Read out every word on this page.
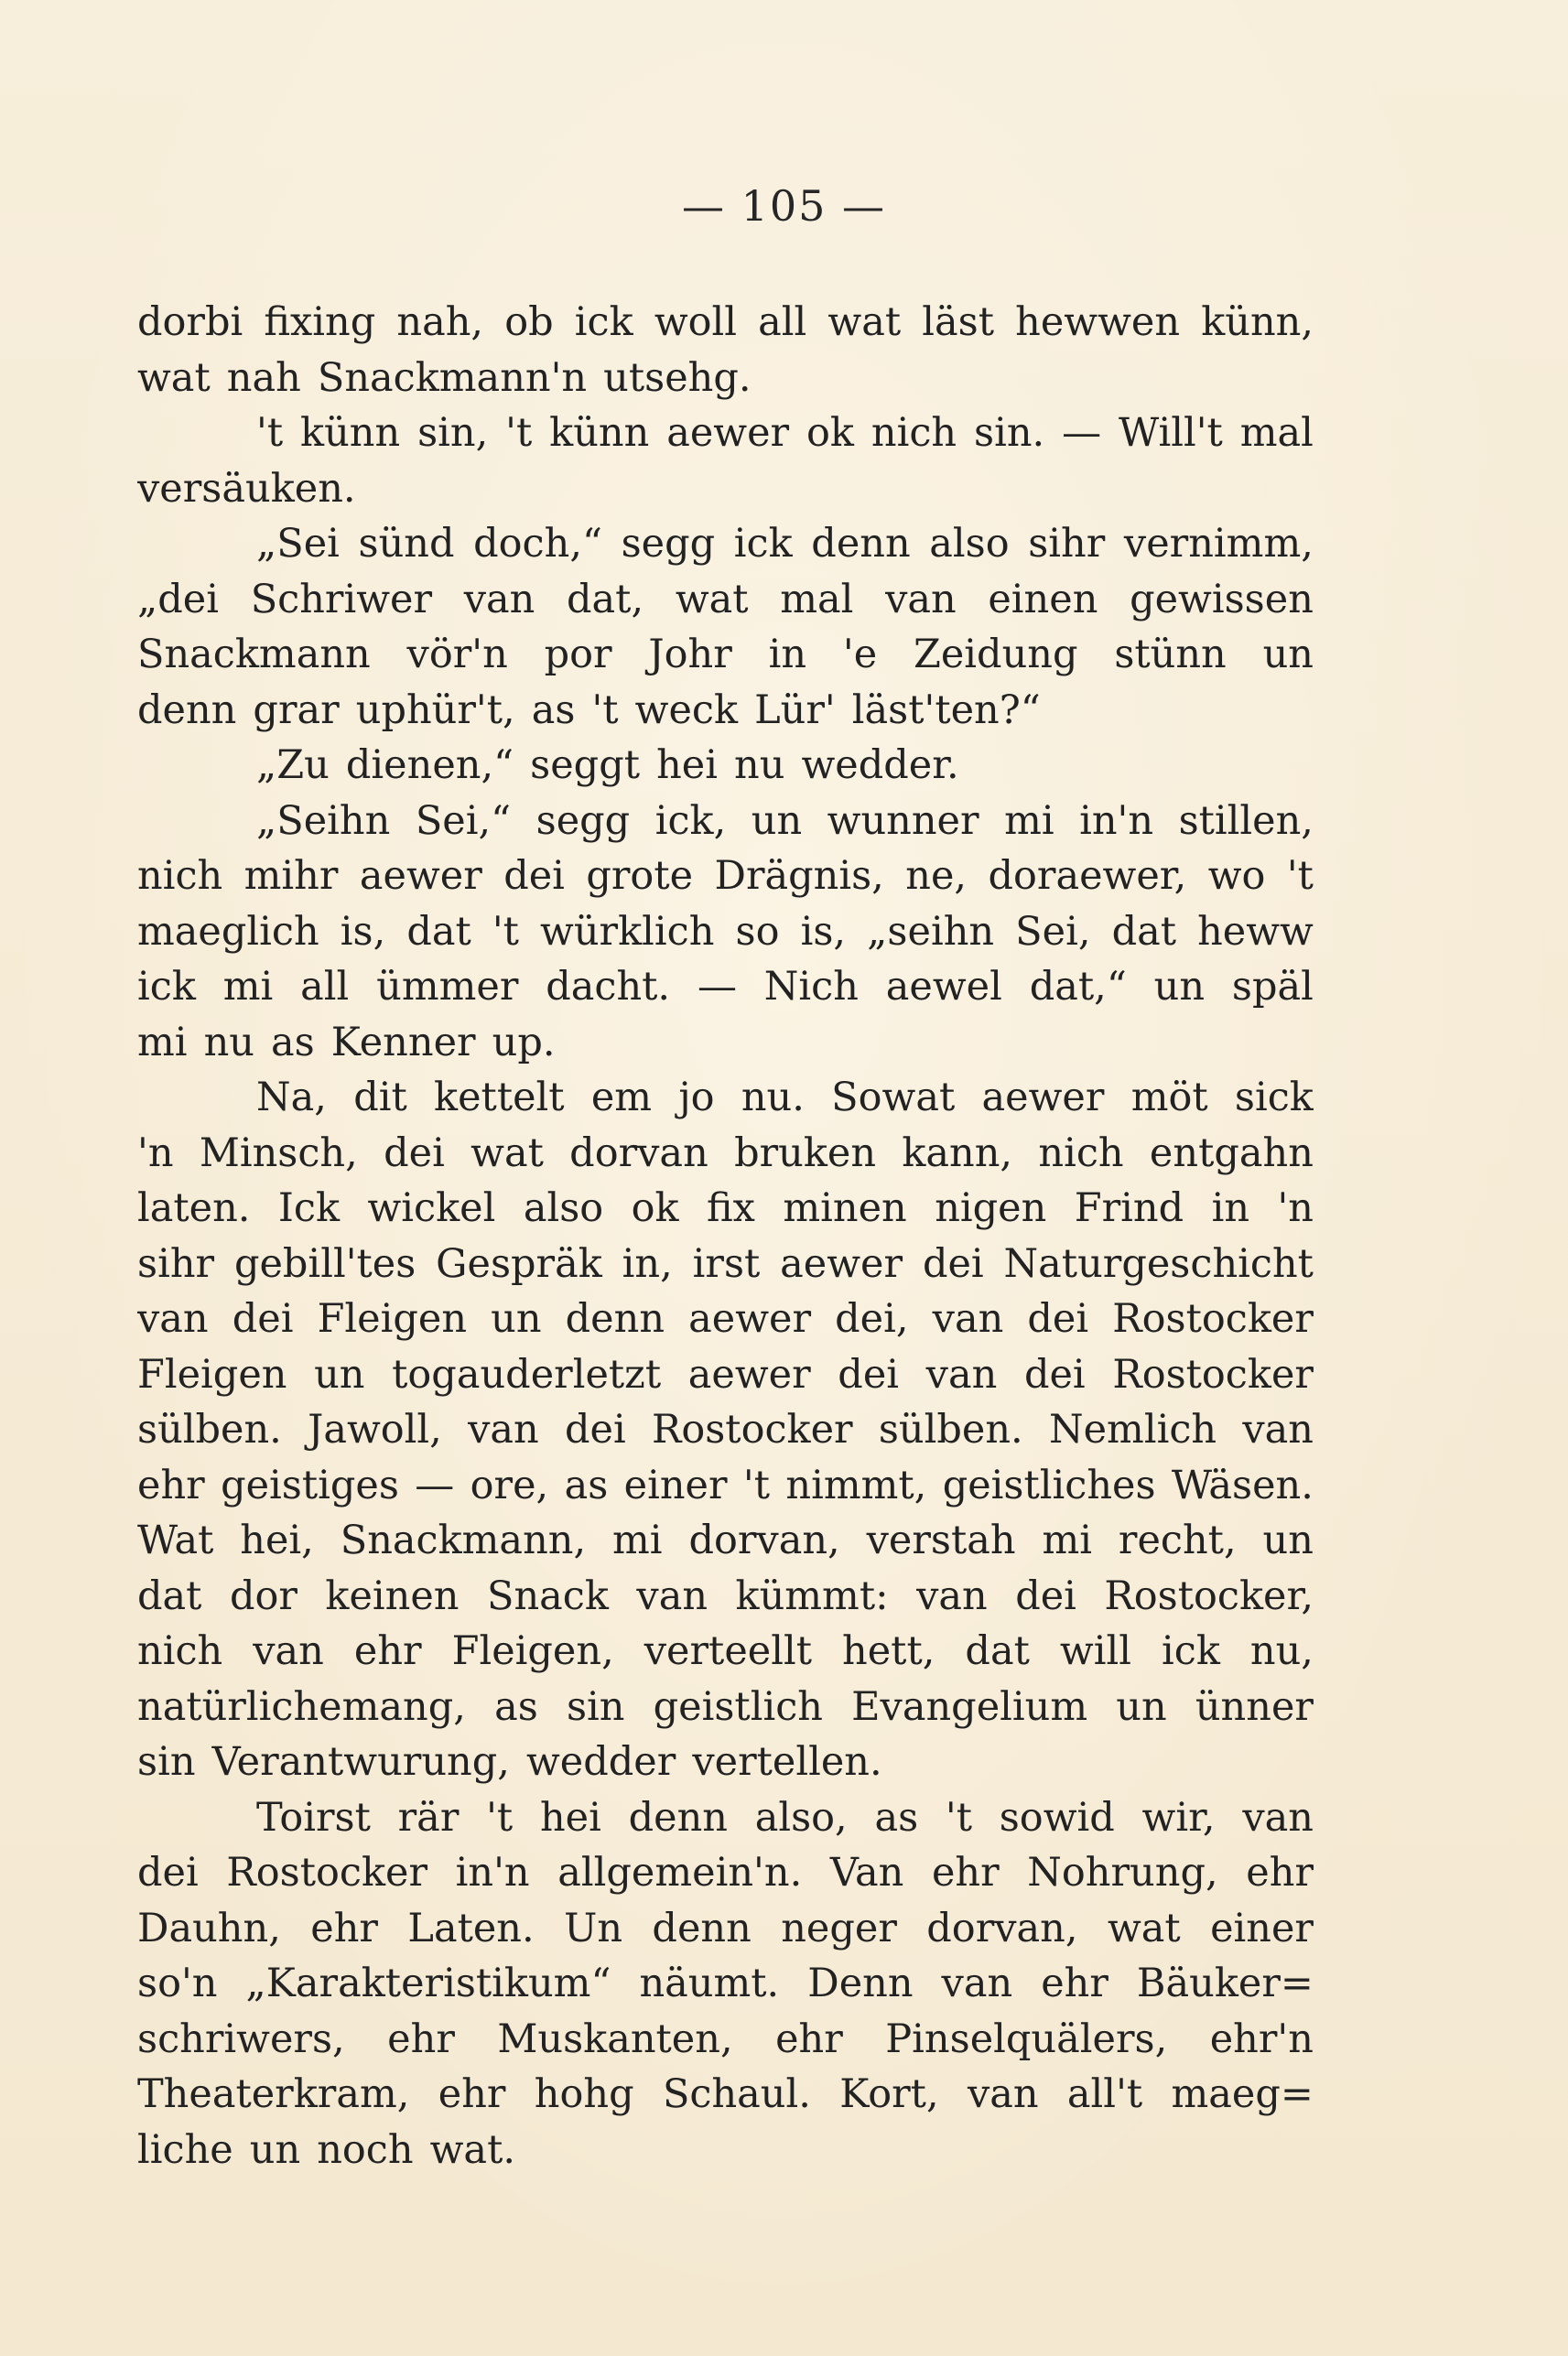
— 105 —
dorbi fixing nah, ob ick woll all wat läst hewwen künn,
wat nah Snackmann'n utsehg.
't künn sin, 't künn aewer ok nich sin. — Will't mal
versäuken.
„Sei sünd doch,“ segg ick denn also sihr vernimm,
„dei Schriwer van dat, wat mal van einen gewissen
Snackmann vör'n por Johr in 'e Zeidung stünn un
denn grar uphür't, as 't weck Lür' läst'ten?“
„Zu dienen,“ seggt hei nu wedder.
„Seihn Sei,“ segg ick, un wunner mi in'n stillen,
nich mihr aewer dei grote Drägnis, ne, doraewer, wo 't
maeglich is, dat 't würklich so is, „seihn Sei, dat heww
ick mi all ümmer dacht. — Nich aewel dat,“ un späl
mi nu as Kenner up.
Na, dit kettelt em jo nu. Sowat aewer möt sick
'n Minsch, dei wat dorvan bruken kann, nich entgahn
laten. Ick wickel also ok fix minen nigen Frind in 'n
sihr gebill'tes Gespräk in, irst aewer dei Naturgeschicht
van dei Fleigen un denn aewer dei, van dei Rostocker
Fleigen un togauderletzt aewer dei van dei Rostocker
sülben. Jawoll, van dei Rostocker sülben. Nemlich van
ehr geistiges — ore, as einer 't nimmt, geistliches Wäsen.
Wat hei, Snackmann, mi dorvan, verstah mi recht, un
dat dor keinen Snack van kümmt: van dei Rostocker,
nich van ehr Fleigen, verteellt hett, dat will ick nu,
natürlichemang, as sin geistlich Evangelium un ünner
sin Verantwurung, wedder vertellen.
Toirst rär 't hei denn also, as 't sowid wir, van
dei Rostocker in'n allgemein'n. Van ehr Nohrung, ehr
Dauhn, ehr Laten. Un denn neger dorvan, wat einer
so'n „Karakteristikum“ näumt. Denn van ehr Bäuker=
schriwers, ehr Muskanten, ehr Pinselquälers, ehr'n
Theaterkram, ehr hohg Schaul. Kort, van all't maeg=
liche un noch wat.
